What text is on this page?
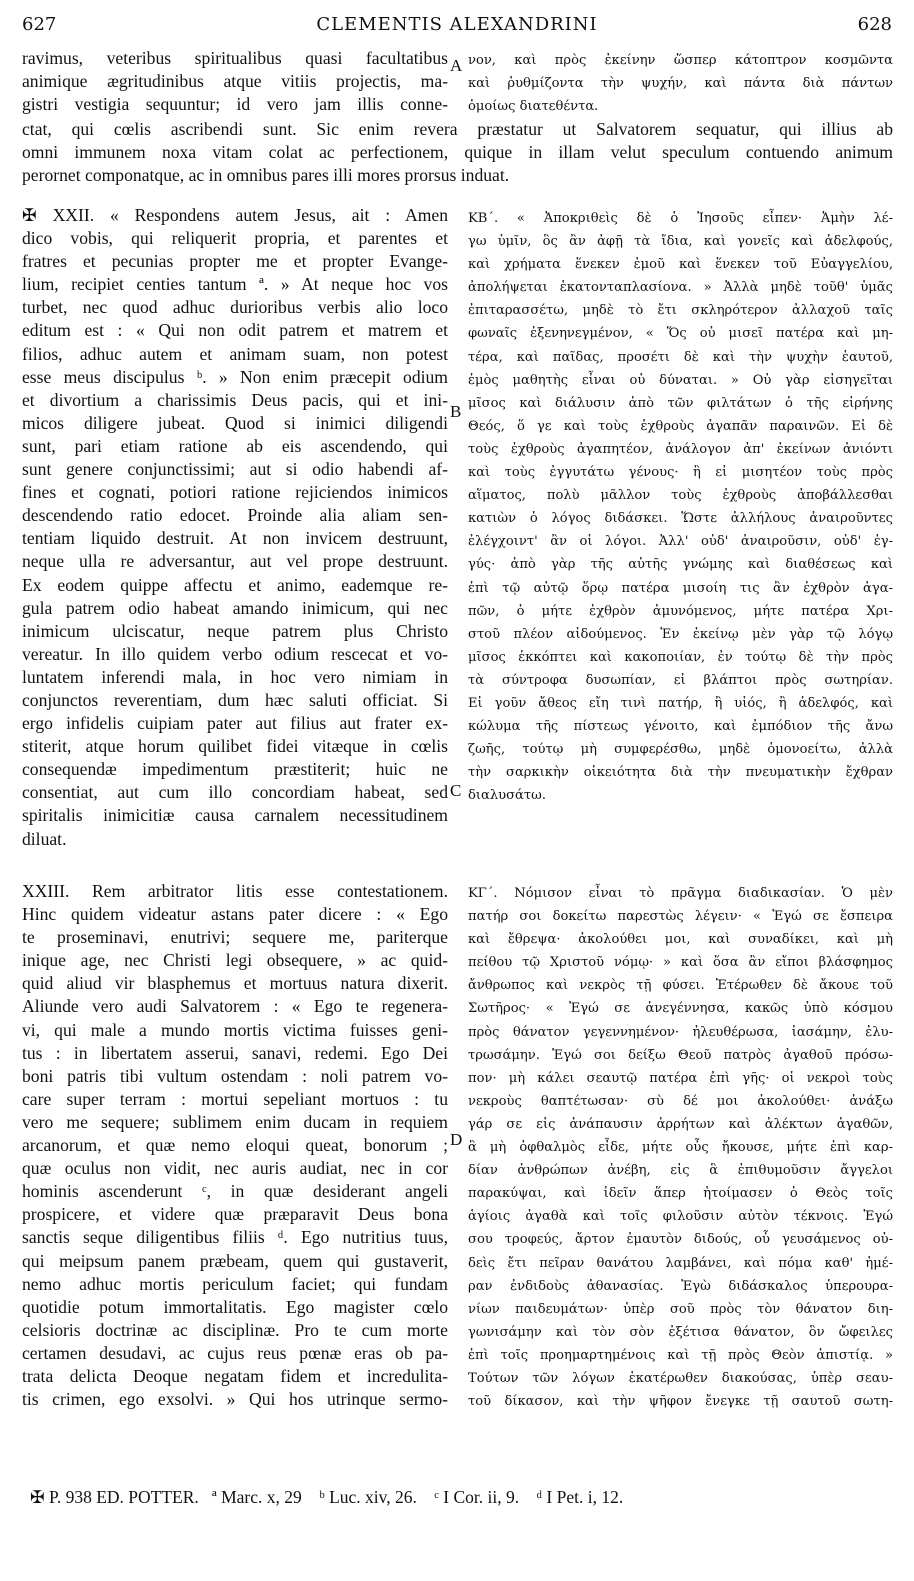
627	CLEMENTIS ALEXANDRINI	628
ravimus, veteribus spiritualibus quasi facultatibus
animique ægritudinibus atque vitiis projectis, ma-
gistri vestigia sequuntur; id vero jam illis conne-
νον, καὶ πρὸς ἐκείνην ὥσπερ κάτοπτρον κοσμῶντα
καὶ ῥυθμίζοντα τὴν ψυχήν, καὶ πάντα διὰ πάντων
ὁμοίως διατεθέντα.
ctat, qui cœlis ascribendi sunt. Sic enim revera præstatur ut Salvatorem sequatur, qui illius ab
omni immunem noxa vitam colat ac perfectionem, quique in illam velut speculum contuendo animum
perornet componatque, ac in omnibus pares illi mores prorsus induat.
✠ XXII. « Respondens autem Jesus, ait : Amen
dico vobis, qui reliquerit propria, et parentes et
fratres et pecunias propter me et propter Evange-
lium, recipiet centies tantum ª. » At neque hoc vos
turbet, nec quod adhuc durioribus verbis alio loco
editum est : « Qui non odit patrem et matrem et
filios, adhuc autem et animam suam, non potest
esse meus discipulus ᵇ. » Non enim præcepit odium
et divortium a charissimis Deus pacis, qui et ini-
micos diligere jubeat. Quod si inimici diligendi
sunt, pari etiam ratione ab eis ascendendo, qui
sunt genere conjunctissimi; aut si odio habendi af-
fines et cognati, potiori ratione rejiciendos inimicos
descendendo ratio edocet. Proinde alia aliam sen-
tentiam liquido destruit. At non invicem destruunt,
neque ulla re adversantur, aut vel prope destruunt.
Ex eodem quippe affectu et animo, eademque re-
gula patrem odio habeat amando inimicum, qui nec
inimicum ulciscatur, neque patrem plus Christo
vereatur. In illo quidem verbo odium rescecat et vo-
luntatem inferendi mala, in hoc vero nimiam in
conjunctos reverentiam, dum hæc saluti officiat. Si
ergo infidelis cuipiam pater aut filius aut frater ex-
stiterit, atque horum quilibet fidei vitæque in cœlis
consequendæ impedimentum præstiterit; huic ne
consentiat, aut cum illo concordiam habeat, sed
spiritalis inimicitiæ causa carnalem necessitudinem
diluat.
ΚΒ΄. « Ἀποκριθεὶς δὲ ὁ Ἰησοῦς εἶπεν· Ἀμὴν λέ-
γω ὑμῖν, ὃς ἂν ἀφῇ τὰ ἴδια, καὶ γονεῖς καὶ ἀδελφούς,
καὶ χρήματα ἕνεκεν ἐμοῦ καὶ ἕνεκεν τοῦ Εὐαγγελίου,
ἀπολήψεται ἑκατονταπλασίονα. » Ἀλλὰ μηδὲ τοῦθ' ὑμᾶς
ἐπιταρασσέτω, μηδὲ τὸ ἔτι σκληρότερον ἀλλαχοῦ ταῖς
φωναῖς ἐξενηνεγμένον, « Ὅς οὐ μισεῖ πατέρα καὶ μη-
τέρα, καὶ παῖδας, προσέτι δὲ καὶ τὴν ψυχὴν ἑαυτοῦ,
ἐμὸς μαθητὴς εἶναι οὐ δύναται. » Οὐ γὰρ εἰσηγεῖται
μῖσος καὶ διάλυσιν ἀπὸ τῶν φιλτάτων ὁ τῆς εἰρήνης
Θεός, ὅ γε καὶ τοὺς ἐχθροὺς ἀγαπᾶν παραινῶν. Εἰ δὲ
τοὺς ἐχθροὺς ἀγαπητέον, ἀνάλογον ἀπ' ἐκείνων ἀνιόντι
καὶ τοὺς ἐγγυτάτω γένους· ἢ εἰ μισητέον τοὺς πρὸς
αἵματος, πολὺ μᾶλλον τοὺς ἐχθροὺς ἀποβάλλεσθαι
κατιὼν ὁ λόγος διδάσκει. Ὥστε ἀλλήλους ἀναιροῦντες
ἐλέγχοιντ' ἂν οἱ λόγοι. Ἀλλ' οὐδ' ἀναιροῦσιν, οὐδ' ἐγ-
γύς· ἀπὸ γὰρ τῆς αὐτῆς γνώμης καὶ διαθέσεως καὶ
ἐπὶ τῷ αὐτῷ ὅρῳ πατέρα μισοίη τις ἂν ἐχθρὸν ἀγα-
πῶν, ὁ μήτε ἐχθρὸν ἀμυνόμενος, μήτε πατέρα Χρι-
στοῦ πλέον αἰδούμενος. Ἐν ἐκείνῳ μὲν γὰρ τῷ λόγῳ
μῖσος ἐκκόπτει καὶ κακοποιίαν, ἐν τούτῳ δὲ τὴν πρὸς
τὰ σύντροφα δυσωπίαν, εἰ βλάπτοι πρὸς σωτηρίαν.
Εἰ γοῦν ἄθεος εἴη τινὶ πατήρ, ἢ υἱός, ἢ ἀδελφός, καὶ
κώλυμα τῆς πίστεως γένοιτο, καὶ ἐμπόδιον τῆς ἄνω
ζωῆς, τούτῳ μὴ συμφερέσθω, μηδὲ ὁμονοείτω, ἀλλὰ
τὴν σαρκικὴν οἰκειότητα διὰ τὴν πνευματικὴν ἔχθραν
διαλυσάτω.
XXIII. Rem arbitrator litis esse contestationem.
Hinc quidem videatur astans pater dicere : « Ego
te proseminavi, enutrivi; sequere me, pariterque
inique age, nec Christi legi obsequere, » ac quid-
quid aliud vir blasphemus et mortuus natura dixerit.
Aliunde vero audi Salvatorem : « Ego te regenera-
vi, qui male a mundo mortis victima fuisses geni-
tus : in libertatem asserui, sanavi, redemi. Ego Dei
boni patris tibi vultum ostendam : noli patrem vo-
care super terram : mortui sepeliant mortuos : tu
vero me sequere; sublimem enim ducam in requiem
arcanorum, et quæ nemo eloqui queat, bonorum ;
quæ oculus non vidit, nec auris audiat, nec in cor
hominis ascenderunt ᶜ, in quæ desiderant angeli
prospicere, et videre quæ præparavit Deus bona
sanctis seque diligentibus filiis ᵈ. Ego nutritius tuus,
qui meipsum panem præbeam, quem qui gustaverit,
nemo adhuc mortis periculum faciet; qui fundam
quotidie potum immortalitatis. Ego magister cœlo
celsioris doctrinæ ac disciplinæ. Pro te cum morte
certamen desudavi, ac cujus reus pœnæ eras ob pa-
tratа delicta Deoque negatam fidem et incredulita-
tis crimen, ego exsolvi. » Qui hos utrinque sermo-
ΚΓ΄. Νόμισον εἶναι τὸ πρᾶγμα διαδικασίαν. Ὁ μὲν
πατήρ σοι δοκείτω παρεστὼς λέγειν· « Ἐγώ σε ἔσπειρα
καὶ ἔθρεψα· ἀκολούθει μοι, καὶ συναδίκει, καὶ μὴ
πείθου τῷ Χριστοῦ νόμῳ· » καὶ ὅσα ἂν εἴποι βλάσφημος
ἄνθρωπος καὶ νεκρὸς τῇ φύσει. Ἑτέρωθεν δὲ ἄκουε τοῦ
Σωτῆρος· « Ἐγώ σε ἀνεγέννησα, κακῶς ὑπὸ κόσμου
πρὸς θάνατον γεγεννημένον· ἠλευθέρωσα, ἰασάμην, ἐλυ-
τρωσάμην. Ἐγώ σοι δείξω Θεοῦ πατρὸς ἀγαθοῦ πρόσω-
πον· μὴ κάλει σεαυτῷ πατέρα ἐπὶ γῆς· οἱ νεκροὶ τοὺς
νεκροὺς θαπτέτωσαν· σὺ δέ μοι ἀκολούθει· ἀνάξω
γάρ σε εἰς ἀνάπαυσιν ἀρρήτων καὶ ἀλέκτων ἀγαθῶν,
ἃ μὴ ὀφθαλμὸς εἶδε, μήτε οὖς ἤκουσε, μήτε ἐπὶ καρ-
δίαν ἀνθρώπων ἀνέβη, εἰς ἃ ἐπιθυμοῦσιν ἄγγελοι
παρακύψαι, καὶ ἰδεῖν ἅπερ ἡτοίμασεν ὁ Θεὸς τοῖς
ἁγίοις ἀγαθὰ καὶ τοῖς φιλοῦσιν αὐτὸν τέκνοις. Ἐγώ
σου τροφεύς, ἄρτον ἐμαυτὸν διδούς, οὗ γευσάμενος οὐ-
δεὶς ἔτι πεῖραν θανάτου λαμβάνει, καὶ πόμα καθ' ἡμέ-
ραν ἐνδιδοὺς ἀθανασίας. Ἐγὼ διδάσκαλος ὑπερουρα-
νίων παιδευμάτων· ὑπὲρ σοῦ πρὸς τὸν θάνατον διη-
γωνισάμην καὶ τὸν σὸν ἐξέτισα θάνατον, ὃν ὤφειλες
ἐπὶ τοῖς προημαρτημένοις καὶ τῇ πρὸς Θεὸν ἀπιστίᾳ. »
Τούτων τῶν λόγων ἑκατέρωθεν διακούσας, ὑπὲρ σεαυ-
τοῦ δίκασον, καὶ τὴν ψῆφον ἔνεγκε τῇ σαυτοῦ σωτη-
A
B
C
D
✠ P. 938 ED. POTTER. ª Marc. x, 29 ᵇ Luc. xiv, 26. ᶜ I Cor. ii, 9. ᵈ I Pet. i, 12.
